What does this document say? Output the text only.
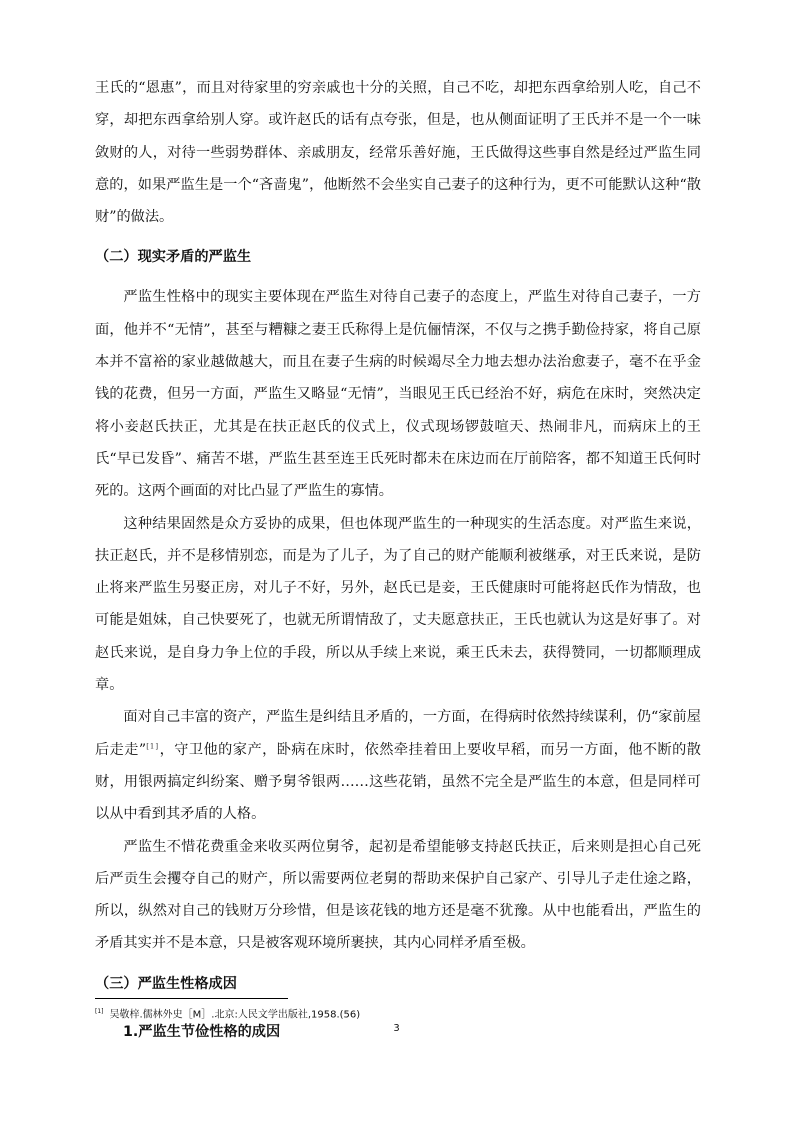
王氏的“恩惠”，而且对待家里的穷亲戚也十分的关照，自己不吃，却把东西拿给别人吃，自己不穿，却把东西拿给别人穿。或许赵氏的话有点夸张，但是，也从侧面证明了王氏并不是一个一味敛财的人，对待一些弱势群体、亲戚朋友，经常乐善好施，王氏做得这些事自然是经过严监生同意的，如果严监生是一个“吝啬鬼”，他断然不会坐实自己妻子的这种行为，更不可能默认这种“散财”的做法。

（二）现实矛盾的严监生

严监生性格中的现实主要体现在严监生对待自己妻子的态度上，严监生对待自己妻子，一方面，他并不“无情”，甚至与糟糠之妻王氏称得上是伉俪情深，不仅与之携手勤俭持家，将自己原本并不富裕的家业越做越大，而且在妻子生病的时候竭尽全力地去想办法治愈妻子，毫不在乎金钱的花费，但另一方面，严监生又略显“无情”，当眼见王氏已经治不好，病危在床时，突然决定将小妾赵氏扶正，尤其是在扶正赵氏的仪式上，仪式现场锣鼓喧天、热闹非凡，而病床上的王氏“早已发昏”、痛苦不堪，严监生甚至连王氏死时都未在床边而在厅前陪客，都不知道王氏何时死的。这两个画面的对比凸显了严监生的寡情。

这种结果固然是众方妥协的成果，但也体现严监生的一种现实的生活态度。对严监生来说，扶正赵氏，并不是移情别恋，而是为了儿子，为了自己的财产能顺利被继承，对王氏来说，是防止将来严监生另娶正房，对儿子不好，另外，赵氏已是妾，王氏健康时可能将赵氏作为情敌，也可能是姐妹，自己快要死了，也就无所谓情敌了，丈夫愿意扶正，王氏也就认为这是好事了。对赵氏来说，是自身力争上位的手段，所以从手续上来说，乘王氏未去，获得赞同，一切都顺理成章。

面对自己丰富的资产，严监生是纠结且矛盾的，一方面，在得病时依然持续谋利，仍“家前屋后走走”[1]，守卫他的家产，卧病在床时，依然牵挂着田上要收早稻，而另一方面，他不断的散财，用银两搞定纠纷案、赠予舅爷银两……这些花销，虽然不完全是严监生的本意，但是同样可以从中看到其矛盾的人格。

严监生不惜花费重金来收买两位舅爷，起初是希望能够支持赵氏扶正，后来则是担心自己死后严贡生会攫夺自己的财产，所以需要两位老舅的帮助来保护自己家产、引导儿子走仕途之路，所以，纵然对自己的钱财万分珍惜，但是该花钱的地方还是毫不犹豫。从中也能看出，严监生的矛盾其实并不是本意，只是被客观环境所裹挟，其内心同样矛盾至极。

（三）严监生性格成因
1.严监生节俭性格的成因
[1] 吴敬梓.儒林外史［M］.北京:人民文学出版社,1958.(56)
3
